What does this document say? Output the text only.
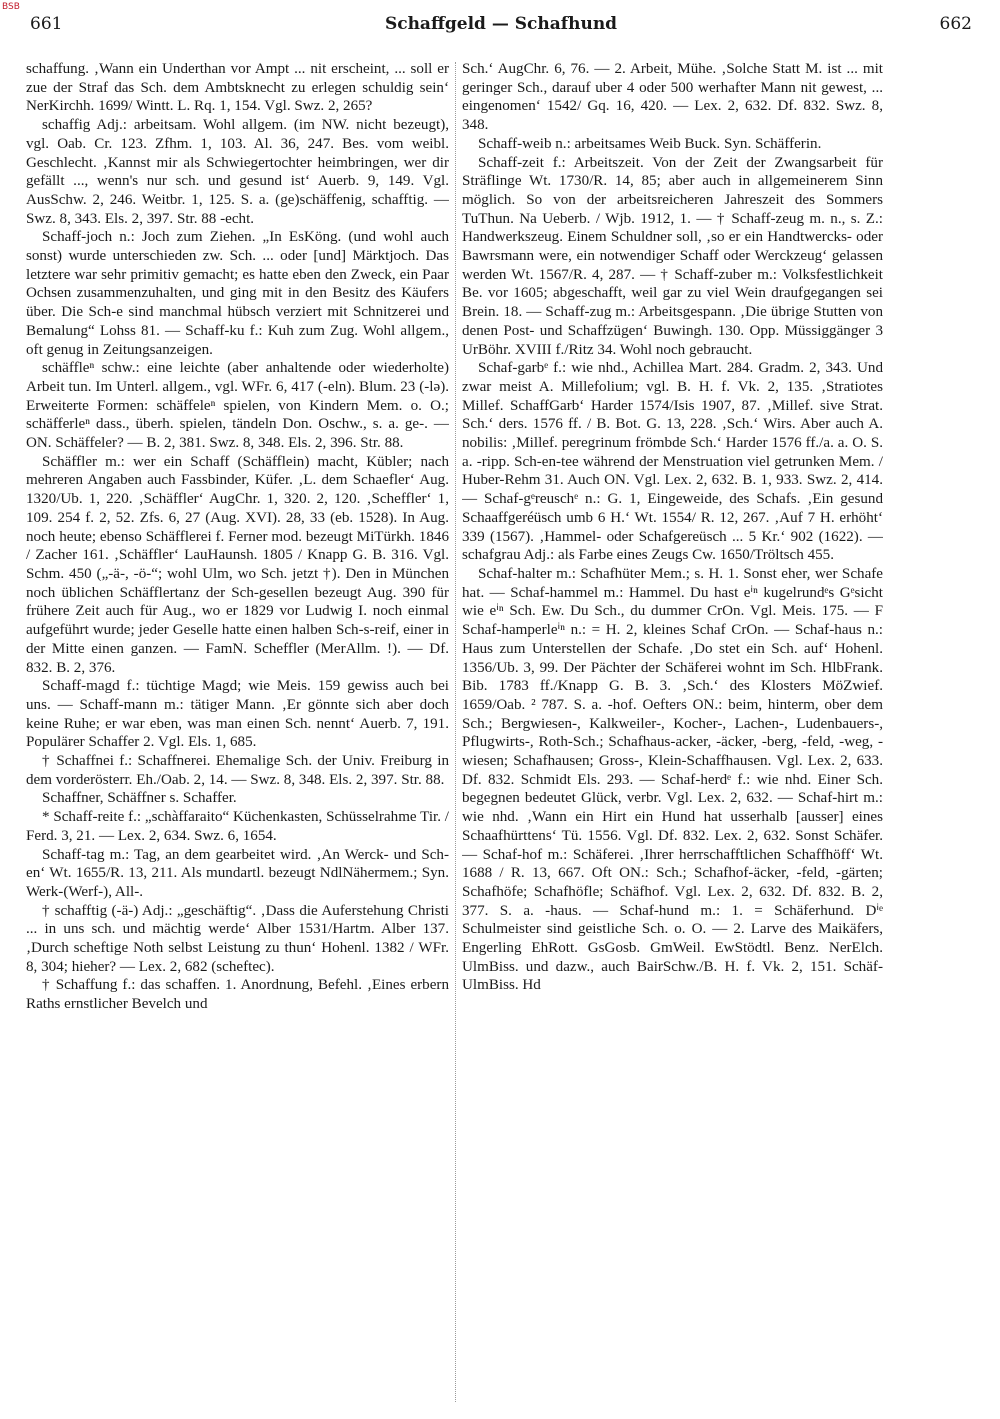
BSB
661	Schaffgeld — Schafhund	662

schaffung. ‚Wann ein Underthan vor Ampt ... nit erscheint, ... soll er zue der Straf das Sch. dem Ambtsknecht zu erlegen schuldig sein‘ NerKirchh. 1699/ Wintt. L. Rq. 1, 154. Vgl. Swz. 2, 265?

schaffig Adj.: arbeitsam. Wohl allgem. (im NW. nicht bezeugt), vgl. Oab. Cr. 123. Zfhm. 1, 103. Al. 36, 247. Bes. vom weibl. Geschlecht. ‚Kannst mir als Schwiegertochter heimbringen, wer dir gefällt ..., wenn's nur sch. und gesund ist‘ Auerb. 9, 149. Vgl. AusSchw. 2, 246. Weitbr. 1, 125. S. a. (ge)schäffenig, schafftig. — Swz. 8, 343. Els. 2, 397. Str. 88 -echt.

Schaff-joch n.: Joch zum Ziehen. „In EsKöng. (und wohl auch sonst) wurde unterschieden zw. Sch. ... oder [und] Märktjoch. Das letztere war sehr primitiv gemacht; es hatte eben den Zweck, ein Paar Ochsen zusammenzuhalten, und ging mit in den Besitz des Käufers über. Die Sch-e sind manchmal hübsch verziert mit Schnitzerei und Bemalung“ Lohss 81. — Schaff-ku f.: Kuh zum Zug. Wohl allgem., oft genug in Zeitungsanzeigen.

schäffleⁿ schw.: eine leichte (aber anhaltende oder wiederholte) Arbeit tun. Im Unterl. allgem., vgl. WFr. 6, 417 (-eln). Blum. 23 (-lə). Erweiterte Formen: schäffeleⁿ spielen, von Kindern Mem. o. O.; schäfferleⁿ dass., überh. spielen, tändeln Don. Oschw., s. a. ge-. — ON. Schäffeler? — B. 2, 381. Swz. 8, 348. Els. 2, 396. Str. 88.

Schäffler m.: wer ein Schaff (Schäfflein) macht, Kübler; nach mehreren Angaben auch Fassbinder, Küfer. ‚L. dem Schaefler‘ Aug. 1320/Ub. 1, 220. ‚Schäffler‘ AugChr. 1, 320. 2, 120. ‚Scheffler‘ 1, 109. 254 f. 2, 52. Zfs. 6, 27 (Aug. XVI). 28, 33 (eb. 1528). In Aug. noch heute; ebenso Schäfflerei f. Ferner mod. bezeugt MiTürkh. 1846 / Zacher 161. ‚Schäffler‘ LauHaunsh. 1805 / Knapp G. B. 316. Vgl. Schm. 450 („-ä-, -ö-“; wohl Ulm, wo Sch. jetzt †). Den in München noch üblichen Schäfflertanz der Sch-gesellen bezeugt Aug. 390 für frühere Zeit auch für Aug., wo er 1829 vor Ludwig I. noch einmal aufgeführt wurde; jeder Geselle hatte einen halben Sch-s-reif, einer in der Mitte einen ganzen. — FamN. Scheffler (MerAllm. !). — Df. 832. B. 2, 376.

Schaff-magd f.: tüchtige Magd; wie Meis. 159 gewiss auch bei uns. — Schaff-mann m.: tätiger Mann. ‚Er gönnte sich aber doch keine Ruhe; er war eben, was man einen Sch. nennt‘ Auerb. 7, 191. Populärer Schaffer 2. Vgl. Els. 1, 685.

† Schaffnei f.: Schaffnerei. Ehemalige Sch. der Univ. Freiburg in dem vorderösterr. Eh./Oab. 2, 14. — Swz. 8, 348. Els. 2, 397. Str. 88.

Schaffner, Schäffner s. Schaffer.

* Schaff-reite f.: „schàffaraito“ Küchenkasten, Schüsselrahme Tir. / Ferd. 3, 21. — Lex. 2, 634. Swz. 6, 1654.

Schaff-tag m.: Tag, an dem gearbeitet wird. ‚An Werck- und Sch-en‘ Wt. 1655/R. 13, 211. Als mundartl. bezeugt NdlNähermem.; Syn. Werk-(Werf-), All-.

† schafftig (-ä-) Adj.: „geschäftig“. ‚Dass die Auferstehung Christi ... in uns sch. und mächtig werde‘ Alber 1531/Hartm. Alber 137. ‚Durch scheftige Noth selbst Leistung zu thun‘ Hohenl. 1382 / WFr. 8, 304; hieher? — Lex. 2, 682 (scheftec).

† Schaffung f.: das schaffen. 1. Anordnung, Befehl. ‚Eines erbern Raths ernstlicher Bevelch und

Sch.‘ AugChr. 6, 76. — 2. Arbeit, Mühe. ‚Solche Statt M. ist ... mit geringer Sch., darauf uber 4 oder 500 werhafter Mann nit gewest, ... eingenomen‘ 1542/ Gq. 16, 420. — Lex. 2, 632. Df. 832. Swz. 8, 348.

Schaff-weib n.: arbeitsames Weib Buck. Syn. Schäfferin.

Schaff-zeit f.: Arbeitszeit. Von der Zeit der Zwangsarbeit für Sträflinge Wt. 1730/R. 14, 85; aber auch in allgemeinerem Sinn möglich. So von der arbeitsreicheren Jahreszeit des Sommers TuThun. Na Ueberb. / Wjb. 1912, 1. — † Schaff-zeug m. n., s. Z.: Handwerkszeug. Einem Schuldner soll, ‚so er ein Handtwercks- oder Bawrsmann were, ein notwendiger Schaff oder Werckzeug‘ gelassen werden Wt. 1567/R. 4, 287. — † Schaff-zuber m.: Volksfestlichkeit Be. vor 1605; abgeschafft, weil gar zu viel Wein draufgegangen sei Brein. 18. — Schaff-zug m.: Arbeitsgespann. ‚Die übrige Stutten von denen Post- und Schaffzügen‘ Buwingh. 130. Opp. Müssiggänger 3 UrBöhr. XVIII f./Ritz 34. Wohl noch gebraucht.

Schaf-garbᵉ f.: wie nhd., Achillea Mart. 284. Gradm. 2, 343. Und zwar meist A. Millefolium; vgl. B. H. f. Vk. 2, 135. ‚Stratiotes Millef. SchaffGarb‘ Harder 1574/Isis 1907, 87. ‚Millef. sive Strat. Sch.‘ ders. 1576 ff. / B. Bot. G. 13, 228. ‚Sch.‘ Wirs. Aber auch A. nobilis: ‚Millef. peregrinum frömbde Sch.‘ Harder 1576 ff./a. a. O. S. a. -ripp. Sch-en-tee während der Menstruation viel getrunken Mem. / Huber-Rehm 31. Auch ON. Vgl. Lex. 2, 632. B. 1, 933. Swz. 2, 414. — Schaf-gᵉreuschᵉ n.: G. 1, Eingeweide, des Schafs. ‚Ein gesund Schaaffgeréüsch umb 6 H.‘ Wt. 1554/ R. 12, 267. ‚Auf 7 H. erhöht‘ 339 (1567). ‚Hammel- oder Schafgereüsch ... 5 Kr.‘ 902 (1622). — schafgrau Adj.: als Farbe eines Zeugs Cw. 1650/Tröltsch 455.

Schaf-halter m.: Schafhüter Mem.; s. H. 1. Sonst eher, wer Schafe hat. — Schaf-hammel m.: Hammel. Du hast eⁱⁿ kugelrundᵉs Gᵉsicht wie eⁱⁿ Sch. Ew. Du Sch., du dummer CrOn. Vgl. Meis. 175. — F Schaf-hamperleⁱⁿ n.: = H. 2, kleines Schaf CrOn. — Schaf-haus n.: Haus zum Unterstellen der Schafe. ‚Do stet ein Sch. auf‘ Hohenl. 1356/Ub. 3, 99. Der Pächter der Schäferei wohnt im Sch. HlbFrank. Bib. 1783 ff./Knapp G. B. 3. ‚Sch.‘ des Klosters MöZwief. 1659/Oab. ² 787. S. a. -hof. Oefters ON.: beim, hinterm, ober dem Sch.; Bergwiesen-, Kalkweiler-, Kocher-, Lachen-, Ludenbauers-, Pflugwirts-, Roth-Sch.; Schafhaus-acker, -äcker, -berg, -feld, -weg, -wiesen; Schafhausen; Gross-, Klein-Schaffhausen. Vgl. Lex. 2, 633. Df. 832. Schmidt Els. 293. — Schaf-herdᵉ f.: wie nhd. Einer Sch. begegnen bedeutet Glück, verbr. Vgl. Lex. 2, 632. — Schaf-hirt m.: wie nhd. ‚Wann ein Hirt ein Hund hat usserhalb [ausser] eines Schaafhürttens‘ Tü. 1556. Vgl. Df. 832. Lex. 2, 632. Sonst Schäfer. — Schaf-hof m.: Schäferei. ‚Ihrer herrschafftlichen Schaffhöff‘ Wt. 1688 / R. 13, 667. Oft ON.: Sch.; Schafhof-äcker, -feld, -gärten; Schafhöfe; Schafhöfle; Schäfhof. Vgl. Lex. 2, 632. Df. 832. B. 2, 377. S. a. -haus. — Schaf-hund m.: 1. = Schäferhund. Dⁱᵉ Schulmeister sind geistliche Sch. o. O. — 2. Larve des Maikäfers, Engerling EhRott. GsGosb. GmWeil. EwStödtl. Benz. NerElch. UlmBiss. und dazw., auch BairSchw./B. H. f. Vk. 2, 151. Schäf- UlmBiss. Hd
